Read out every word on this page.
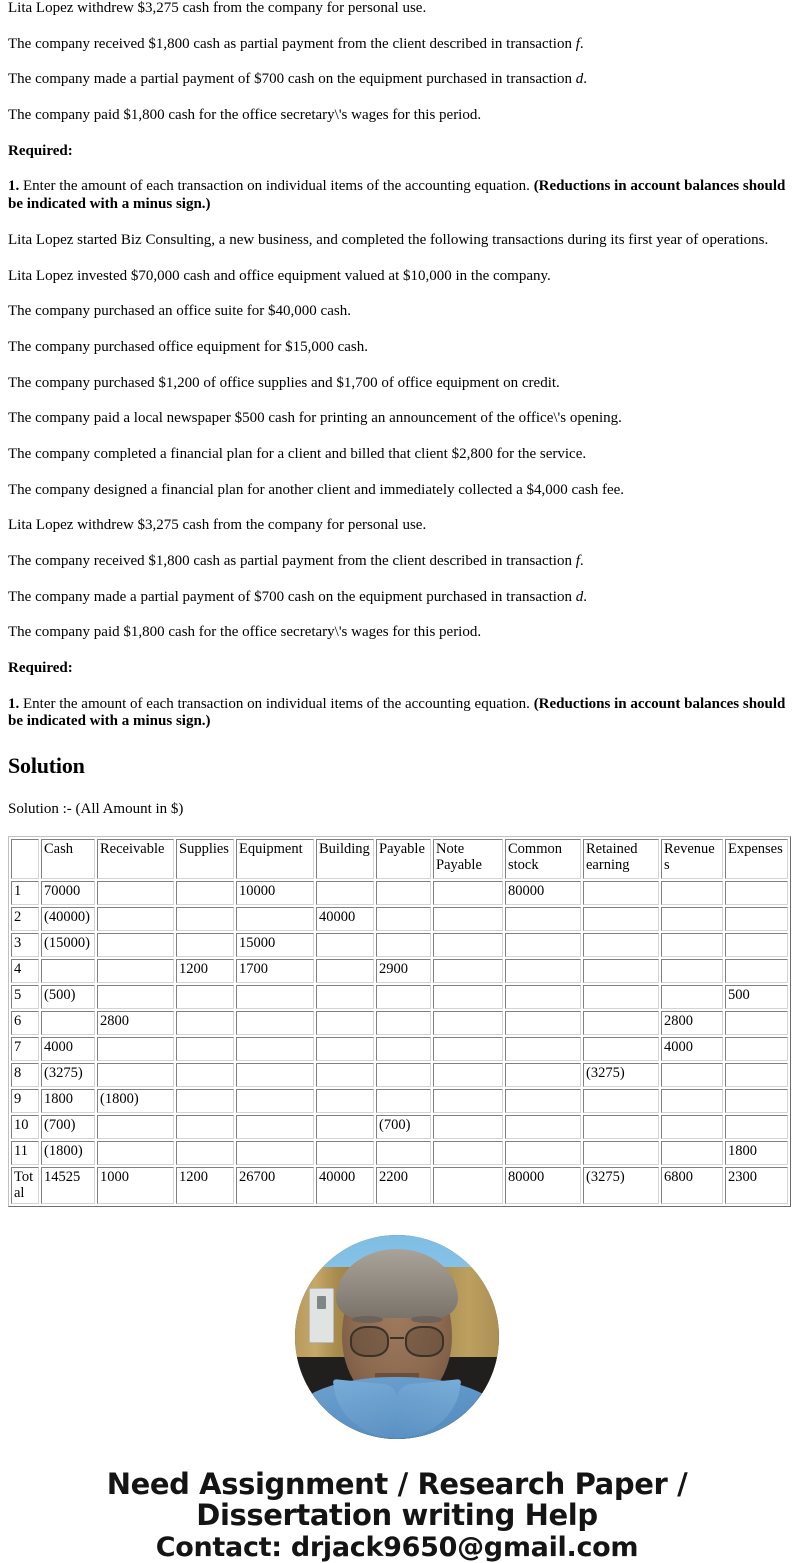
Lita Lopez withdrew $3,275 cash from the company for personal use.

The company received $1,800 cash as partial payment from the client described in transaction f.

The company made a partial payment of $700 cash on the equipment purchased in transaction d.

The company paid $1,800 cash for the office secretary\'s wages for this period.

Required:

1. Enter the amount of each transaction on individual items of the accounting equation. (Reductions in account balances should be indicated with a minus sign.)

Lita Lopez started Biz Consulting, a new business, and completed the following transactions during its first year of operations.

Lita Lopez invested $70,000 cash and office equipment valued at $10,000 in the company.

The company purchased an office suite for $40,000 cash.

The company purchased office equipment for $15,000 cash.

The company purchased $1,200 of office supplies and $1,700 of office equipment on credit.

The company paid a local newspaper $500 cash for printing an announcement of the office\'s opening.

The company completed a financial plan for a client and billed that client $2,800 for the service.

The company designed a financial plan for another client and immediately collected a $4,000 cash fee.

Lita Lopez withdrew $3,275 cash from the company for personal use.

The company received $1,800 cash as partial payment from the client described in transaction f.

The company made a partial payment of $700 cash on the equipment purchased in transaction d.

The company paid $1,800 cash for the office secretary\'s wages for this period.

Required:

1. Enter the amount of each transaction on individual items of the accounting equation. (Reductions in account balances should be indicated with a minus sign.)

Solution

Solution :- (All Amount in $)

	Cash	Receivable	Supplies	Equipment	Building	Payable	Note Payable	Common stock	Retained earning	Revenues	Expenses
1	70000			10000				80000			
2	(40000)				40000						
3	(15000)			15000							
4			1200	1700		2900					
5	(500)										500
6		2800								2800	
7	4000									4000	
8	(3275)								(3275)		
9	1800	(1800)									
10	(700)					(700)					
11	(1800)										1800
Total	14525	1000	1200	26700	40000	2200		80000	(3275)	6800	2300
Need Assignment / Research Paper / Dissertation writing Help
Contact: drjack9650@gmail.com
